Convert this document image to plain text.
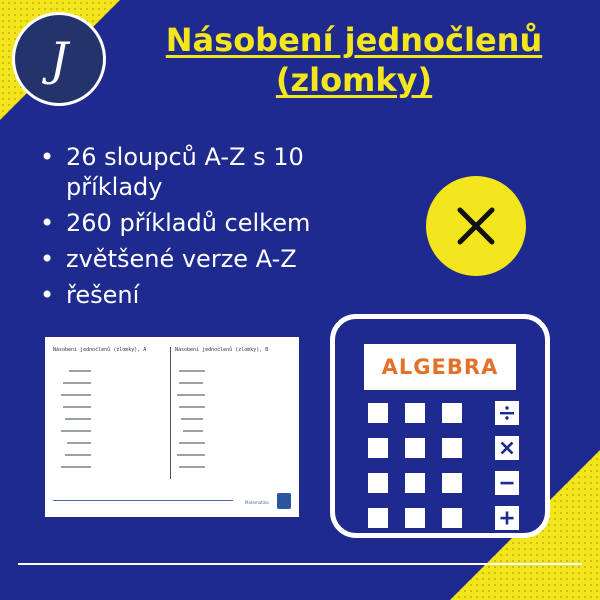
J	Násobení jednočlenů
(zlomky)
• 26 sloupců A-Z s 10 příklady
• 260 příkladů celkem
• zvětšené verze A-Z
• řešení
Násobení jednočlenů (zlomky), A	Násobení jednočlenů (zlomky), B
Matematika
ALGEBRA
